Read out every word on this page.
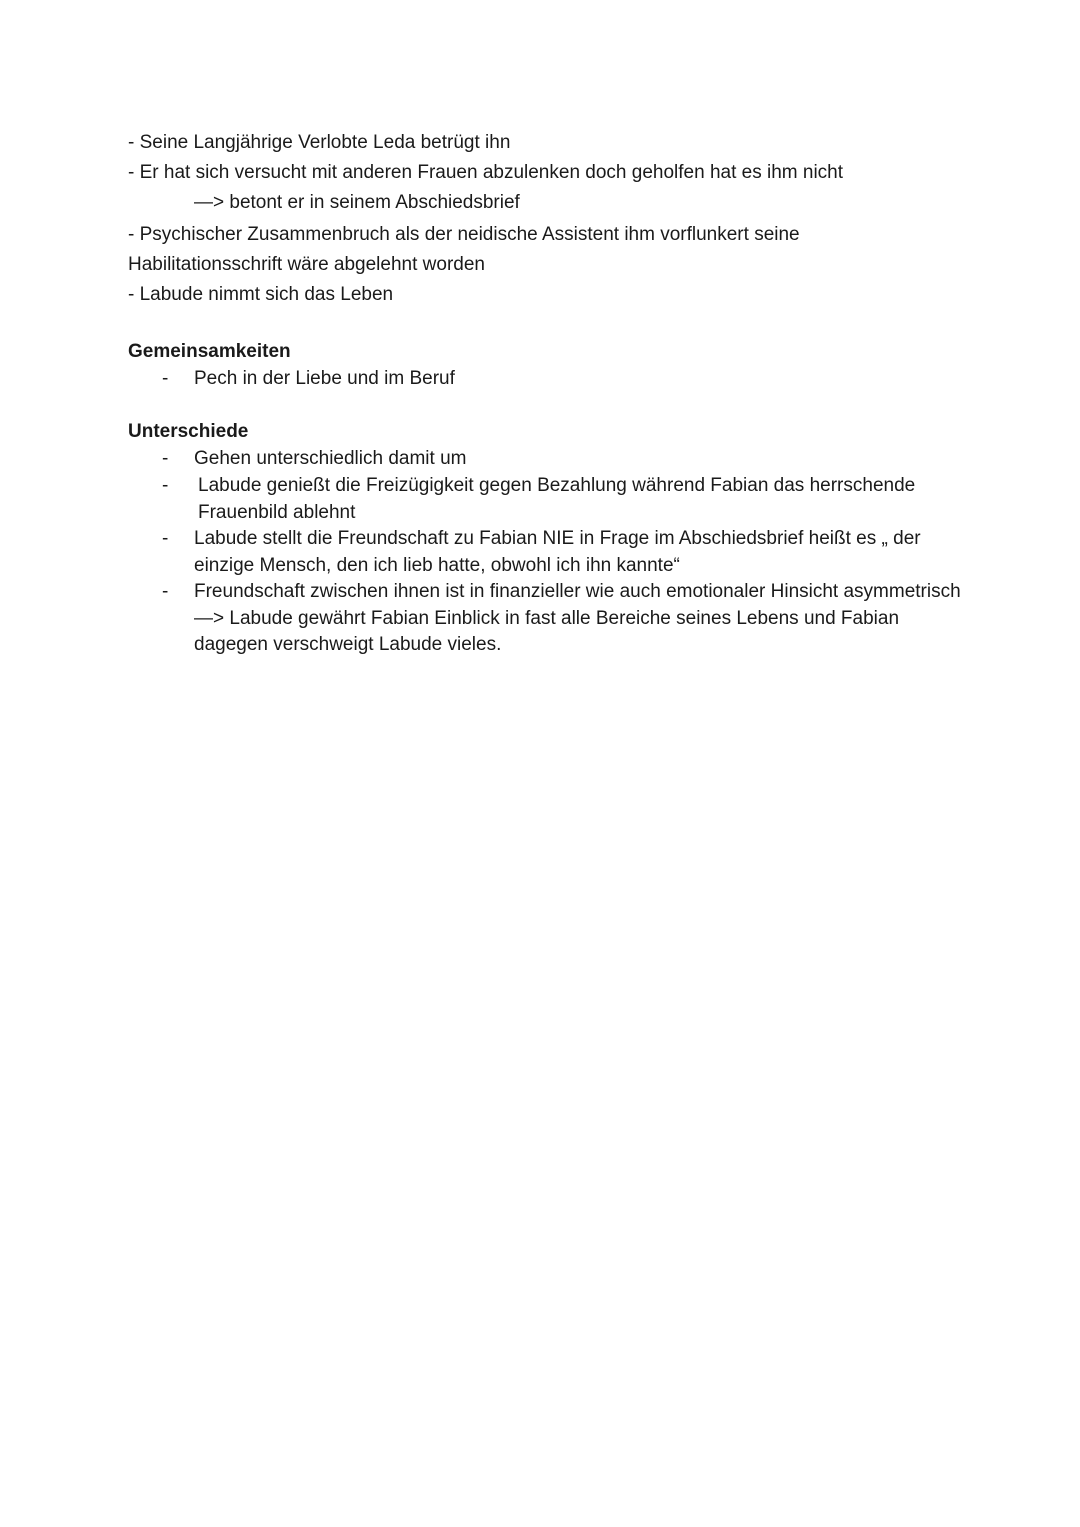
- Seine Langjährige Verlobte Leda betrügt ihn
- Er hat sich versucht mit anderen Frauen abzulenken doch geholfen hat es ihm nicht
—> betont er in seinem Abschiedsbrief
- Psychischer Zusammenbruch als der neidische Assistent ihm vorflunkert seine
Habilitationsschrift wäre abgelehnt worden
- Labude nimmt sich das Leben
Gemeinsamkeiten
- Pech in der Liebe und im Beruf
Unterschiede
- Gehen unterschiedlich damit um
- Labude genießt die Freizügigkeit gegen Bezahlung während Fabian das herrschende Frauenbild ablehnt
- Labude stellt die Freundschaft zu Fabian NIE in Frage im Abschiedsbrief heißt es „ der einzige Mensch, den ich lieb hatte, obwohl ich ihn kannte“
- Freundschaft zwischen ihnen ist in finanzieller wie auch emotionaler Hinsicht asymmetrisch —> Labude gewährt Fabian Einblick in fast alle Bereiche seines Lebens und Fabian dagegen verschweigt Labude vieles.
